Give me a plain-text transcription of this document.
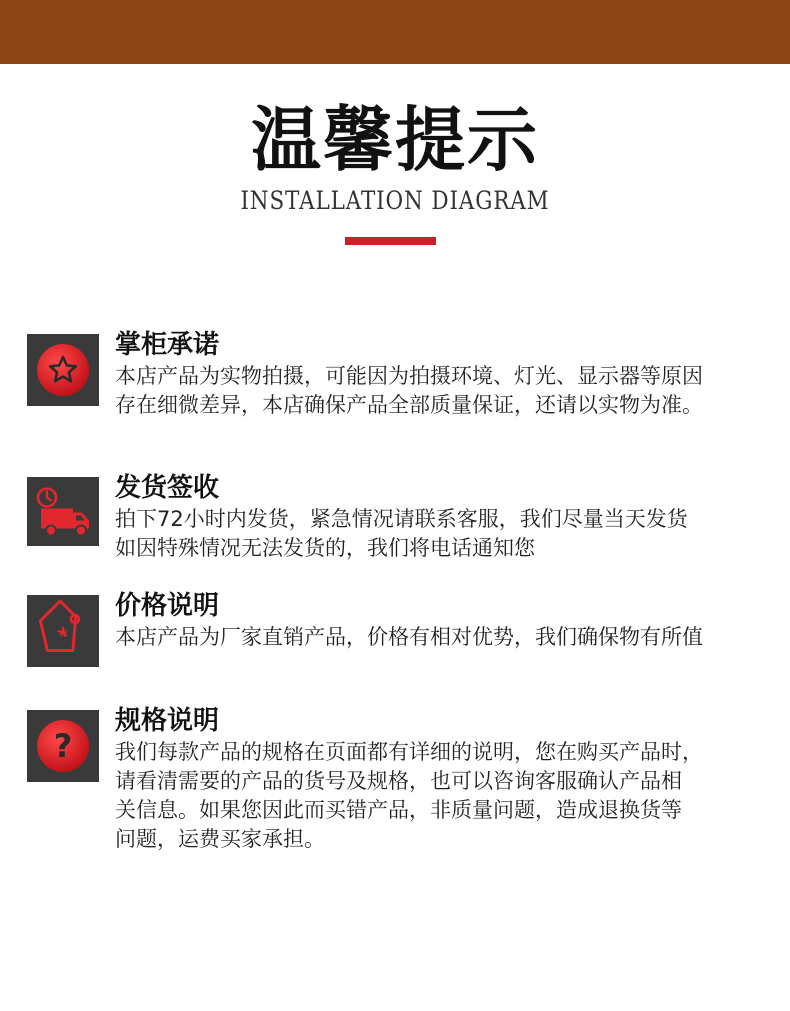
温馨提示
INSTALLATION DIAGRAM
掌柜承诺
本店产品为实物拍摄，可能因为拍摄环境、灯光、显示器等原因
存在细微差异，本店确保产品全部质量保证，还请以实物为准。
发货签收
拍下72小时内发货，紧急情况请联系客服，我们尽量当天发货
如因特殊情况无法发货的，我们将电话通知您
¥
价格说明
本店产品为厂家直销产品，价格有相对优势，我们确保物有所值
?
规格说明
我们每款产品的规格在页面都有详细的说明，您在购买产品时，
请看清需要的产品的货号及规格，也可以咨询客服确认产品相
关信息。如果您因此而买错产品，非质量问题，造成退换货等
问题，运费买家承担。
